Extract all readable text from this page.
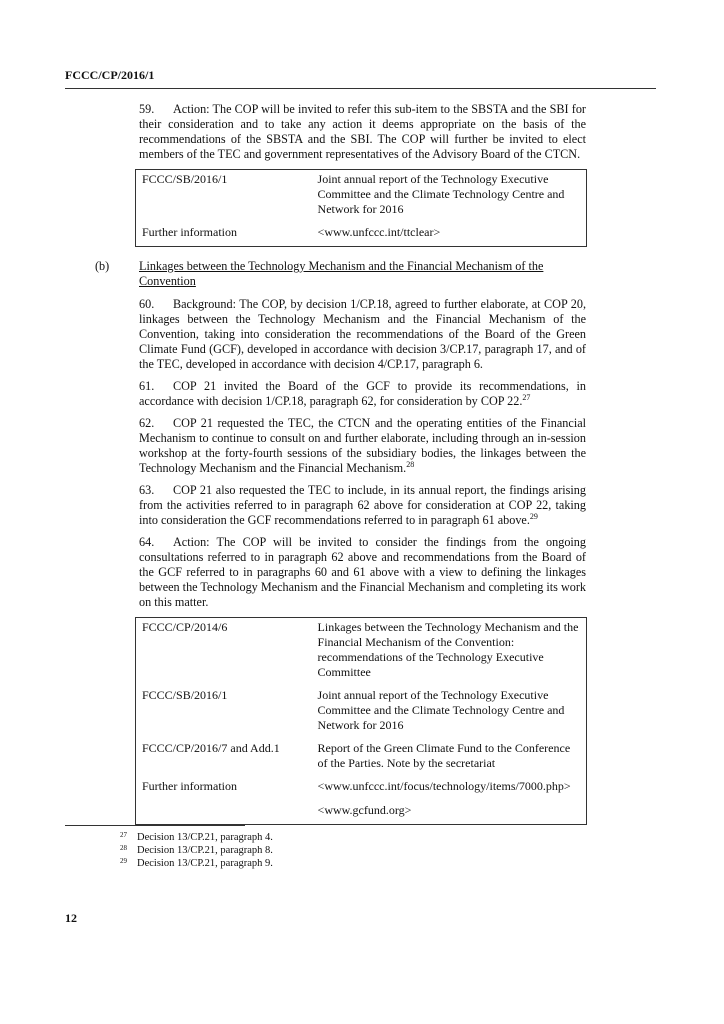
FCCC/CP/2016/1

59. Action: The COP will be invited to refer this sub-item to the SBSTA and the SBI for their consideration and to take any action it deems appropriate on the basis of the recommendations of the SBSTA and the SBI. The COP will further be invited to elect members of the TEC and government representatives of the Advisory Board of the CTCN.

FCCC/SB/2016/1	Joint annual report of the Technology Executive Committee and the Climate Technology Centre and Network for 2016
Further information	<www.unfccc.int/ttclear>
(b) Linkages between the Technology Mechanism and the Financial Mechanism of the Convention

60. Background: The COP, by decision 1/CP.18, agreed to further elaborate, at COP 20, linkages between the Technology Mechanism and the Financial Mechanism of the Convention, taking into consideration the recommendations of the Board of the Green Climate Fund (GCF), developed in accordance with decision 3/CP.17, paragraph 17, and of the TEC, developed in accordance with decision 4/CP.17, paragraph 6.

61. COP 21 invited the Board of the GCF to provide its recommendations, in accordance with decision 1/CP.18, paragraph 62, for consideration by COP 22.27

62. COP 21 requested the TEC, the CTCN and the operating entities of the Financial Mechanism to continue to consult on and further elaborate, including through an in-session workshop at the forty-fourth sessions of the subsidiary bodies, the linkages between the Technology Mechanism and the Financial Mechanism.$^{28}$

63. COP 21 also requested the TEC to include, in its annual report, the findings arising from the activities referred to in paragraph 62 above for consideration at COP 22, taking into consideration the GCF recommendations referred to in paragraph 61 above.$^{29}$

64. Action: The COP will be invited to consider the findings from the ongoing consultations referred to in paragraph 62 above and recommendations from the Board of the GCF referred to in paragraphs 60 and 61 above with a view to defining the linkages between the Technology Mechanism and the Financial Mechanism and completing its work on this matter.

FCCC/CP/2014/6	Linkages between the Technology Mechanism and the Financial Mechanism of the Convention: recommendations of the Technology Executive Committee
FCCC/SB/2016/1	Joint annual report of the Technology Executive Committee and the Climate Technology Centre and Network for 2016
FCCC/CP/2016/7 and Add.1	Report of the Green Climate Fund to the Conference of the Parties. Note by the secretariat
Further information	<www.unfccc.int/focus/technology/items/7000.php>
<www.gcfund.org>
$^{27}$ Decision 13/CP.21, paragraph 4.
$^{28}$ Decision 13/CP.21, paragraph 8.
$^{29}$ Decision 13/CP.21, paragraph 9.
12
